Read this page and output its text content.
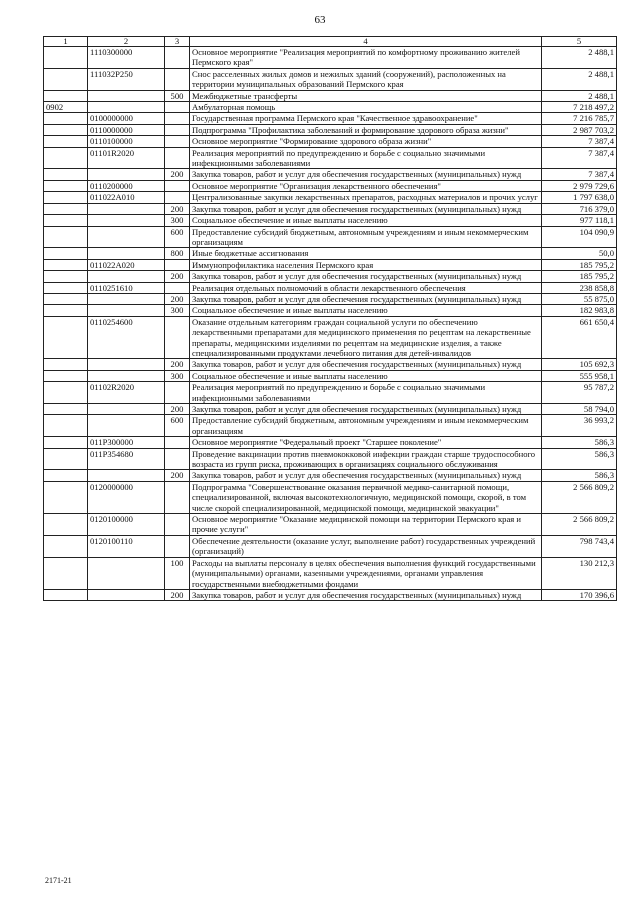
63
1	2	3	4	5
	1110300000		Основное мероприятие "Реализация мероприятий по комфортному проживанию жителей Пермского края"	2 488,1
	111032P250		Снос расселенных жилых домов и нежилых зданий (сооружений), расположенных на территории муниципальных образований Пермского края	2 488,1
		500	Межбюджетные трансферты	2 488,1
0902			Амбулаторная помощь	7 218 497,2
	0100000000		Государственная программа Пермского края "Качественное здравоохранение"	7 216 785,7
	0110000000		Подпрограмма "Профилактика заболеваний и формирование здорового образа жизни"	2 987 703,2
	0110100000		Основное мероприятие "Формирование здорового образа жизни"	7 387,4
	01101R2020		Реализация мероприятий по предупреждению и борьбе с социально значимыми инфекционными заболеваниями	7 387,4
		200	Закупка товаров, работ и услуг для обеспечения государственных (муниципальных) нужд	7 387,4
	0110200000		Основное мероприятие "Организация лекарственного обеспечения"	2 979 729,6
	011022А010		Централизованные закупки лекарственных препаратов, расходных материалов и прочих услуг	1 797 638,0
		200	Закупка товаров, работ и услуг для обеспечения государственных (муниципальных) нужд	716 379,0
		300	Социальное обеспечение и иные выплаты населению	977 118,1
		600	Предоставление субсидий бюджетным, автономным учреждениям и иным некоммерческим организациям	104 090,9
		800	Иные бюджетные ассигнования	50,0
	011022А020		Иммунопрофилактика населения Пермского края	185 795,2
		200	Закупка товаров, работ и услуг для обеспечения государственных (муниципальных) нужд	185 795,2
	0110251610		Реализация отдельных полномочий в области лекарственного обеспечения	238 858,8
		200	Закупка товаров, работ и услуг для обеспечения государственных (муниципальных) нужд	55 875,0
		300	Социальное обеспечение и иные выплаты населению	182 983,8
	0110254600		Оказание отдельным категориям граждан социальной услуги по обеспечению лекарственными препаратами для медицинского применения по рецептам на лекарственные препараты, медицинскими изделиями по рецептам на медицинские изделия, а также специализированными продуктами лечебного питания для детей-инвалидов	661 650,4
		200	Закупка товаров, работ и услуг для обеспечения государственных (муниципальных) нужд	105 692,3
		300	Социальное обеспечение и иные выплаты населению	555 958,1
	01102R2020		Реализация мероприятий по предупреждению и борьбе с социально значимыми инфекционными заболеваниями	95 787,2
		200	Закупка товаров, работ и услуг для обеспечения государственных (муниципальных) нужд	58 794,0
		600	Предоставление субсидий бюджетным, автономным учреждениям и иным некоммерческим организациям	36 993,2
	011P300000		Основное мероприятие "Федеральный проект "Старшее поколение"	586,3
	011P354680		Проведение вакцинации против пневмококковой инфекции граждан старше трудоспособного возраста из групп риска, проживающих в организациях социального обслуживания	586,3
		200	Закупка товаров, работ и услуг для обеспечения государственных (муниципальных) нужд	586,3
	0120000000		Подпрограмма "Совершенствование оказания первичной медико-санитарной помощи, специализированной, включая высокотехнологичную, медицинской помощи, скорой, в том числе скорой специализированной, медицинской помощи, медицинской эвакуации"	2 566 809,2
	0120100000		Основное мероприятие "Оказание медицинской помощи на территории Пермского края и прочие услуги"	2 566 809,2
	0120100110		Обеспечение деятельности (оказание услуг, выполнение работ) государственных учреждений (организаций)	798 743,4
		100	Расходы на выплаты персоналу в целях обеспечения выполнения функций государственными (муниципальными) органами, казенными учреждениями, органами управления государственными внебюджетными фондами	130 212,3
		200	Закупка товаров, работ и услуг для обеспечения государственных (муниципальных) нужд	170 396,6
2171-21
